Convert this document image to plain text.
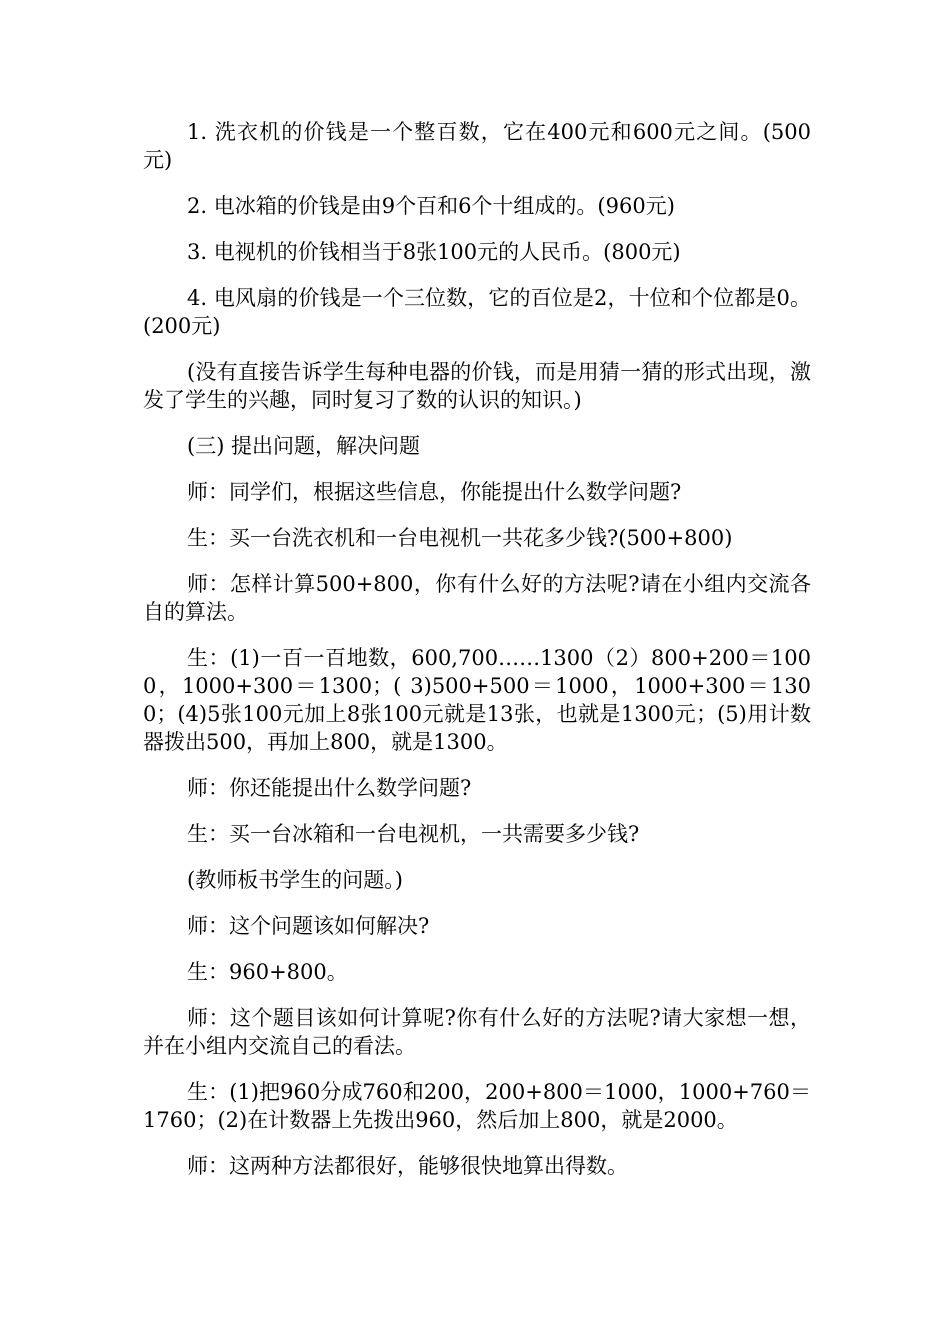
1. 洗衣机的价钱是一个整百数，它在400元和600元之间。(500元)

2. 电冰箱的价钱是由9个百和6个十组成的。(960元)

3. 电视机的价钱相当于8张100元的人民币。(800元)

4. 电风扇的价钱是一个三位数，它的百位是2，十位和个位都是0。(200元)

(没有直接告诉学生每种电器的价钱，而是用猜一猜的形式出现，激发了学生的兴趣，同时复习了数的认识的知识。)

(三) 提出问题，解决问题

师：同学们，根据这些信息，你能提出什么数学问题?

生：买一台洗衣机和一台电视机一共花多少钱?(500+800)

师：怎样计算500+800，你有什么好的方法呢?请在小组内交流各自的算法。

生：(1)一百一百地数，600,700……1300（2）800+200＝1000，1000+300＝1300；( 3)500+500＝1000，1000+300＝1300；(4)5张100元加上8张100元就是13张，也就是1300元；(5)用计数器拨出500，再加上800，就是1300。

师：你还能提出什么数学问题?

生：买一台冰箱和一台电视机，一共需要多少钱?

(教师板书学生的问题。)

师：这个问题该如何解决?

生：960+800。

师：这个题目该如何计算呢?你有什么好的方法呢?请大家想一想，并在小组内交流自己的看法。

生：(1)把960分成760和200，200+800＝1000，1000+760＝1760；(2)在计数器上先拨出960，然后加上800，就是2000。

师：这两种方法都很好，能够很快地算出得数。
